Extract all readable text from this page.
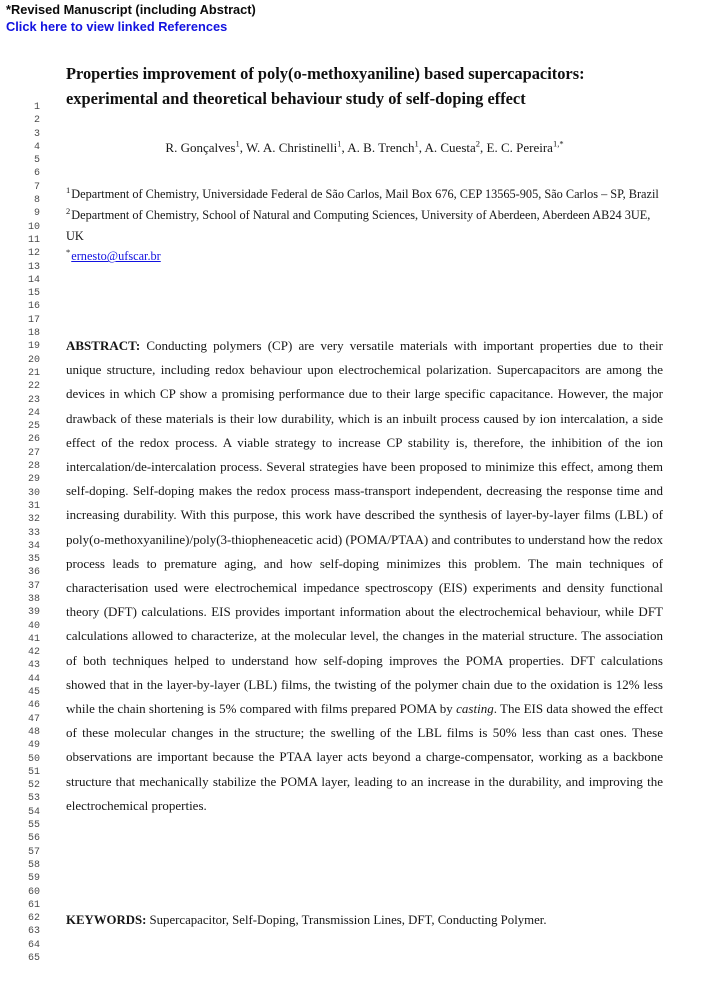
*Revised Manuscript (including Abstract)
Click here to view linked References
1
2
3
4
5
6
7
8
9
10
11
12
13
14
15
16
17
18
19
20
21
22
23
24
25
26
27
28
29
30
31
32
33
34
35
36
37
38
39
40
41
42
43
44
45
46
47
48
49
50
51
52
53
54
55
56
57
58
59
60
61
62
63
64
65
Properties improvement of poly(o-methoxyaniline) based supercapacitors:
experimental and theoretical behaviour study of self-doping effect
R. Gonçalves$^1$, W. A. Christinelli$^1$, A. B. Trench$^1$, A. Cuesta$^2$, E. C. Pereira$^{1,*}$

$^1$Department of Chemistry, Universidade Federal de São Carlos, Mail Box 676, CEP 13565-905, São Carlos – SP, Brazil

$^2$Department of Chemistry, School of Natural and Computing Sciences, University of Aberdeen, Aberdeen AB24 3UE, UK

*ernesto@ufscar.br

ABSTRACT: Conducting polymers (CP) are very versatile materials with important properties due to their unique structure, including redox behaviour upon electrochemical polarization. Supercapacitors are among the devices in which CP show a promising performance due to their large specific capacitance. However, the major drawback of these materials is their low durability, which is an inbuilt process caused by ion intercalation, a side effect of the redox process. A viable strategy to increase CP stability is, therefore, the inhibition of the ion intercalation/de-intercalation process. Several strategies have been proposed to minimize this effect, among them self-doping. Self-doping makes the redox process mass-transport independent, decreasing the response time and increasing durability. With this purpose, this work have described the synthesis of layer-by-layer films (LBL) of poly(o-methoxyaniline)/poly(3-thiopheneacetic acid) (POMA/PTAA) and contributes to understand how the redox process leads to premature aging, and how self-doping minimizes this problem. The main techniques of characterisation used were electrochemical impedance spectroscopy (EIS) experiments and density functional theory (DFT) calculations. EIS provides important information about the electrochemical behaviour, while DFT calculations allowed to characterize, at the molecular level, the changes in the material structure. The association of both techniques helped to understand how self-doping improves the POMA properties. DFT calculations showed that in the layer-by-layer (LBL) films, the twisting of the polymer chain due to the oxidation is 12% less while the chain shortening is 5% compared with films prepared POMA by casting. The EIS data showed the effect of these molecular changes in the structure; the swelling of the LBL films is 50% less than cast ones. These observations are important because the PTAA layer acts beyond a charge-compensator, working as a backbone structure that mechanically stabilize the POMA layer, leading to an increase in the durability, and improving the electrochemical properties.

KEYWORDS: Supercapacitor, Self-Doping, Transmission Lines, DFT, Conducting Polymer.
